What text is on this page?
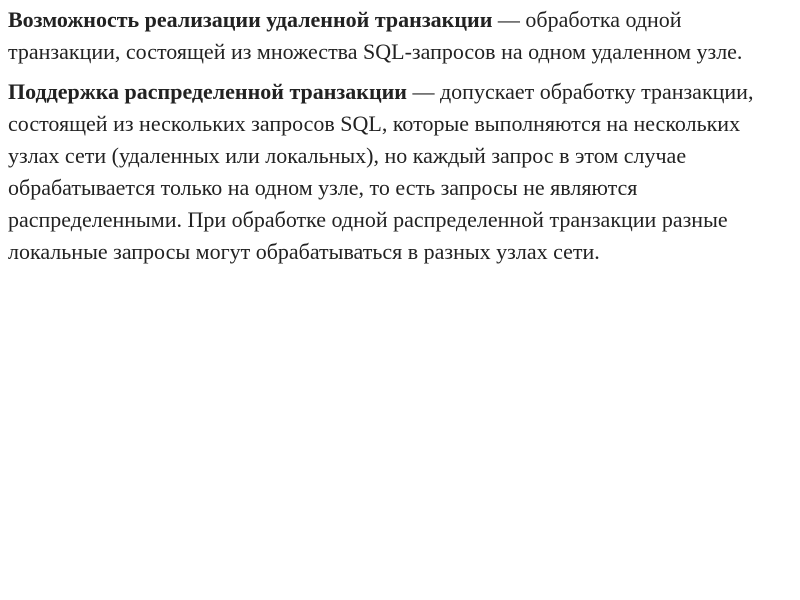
Возможность реализации удаленной транзакции — обработка одной транзакции, состоящей из множества SQL-запросов на одном удаленном узле.

Поддержка распределенной транзакции — допускает обработку транзакции, состоящей из нескольких запросов SQL, которые выполняются на нескольких узлах сети (удаленных или локальных), но каждый запрос в этом случае обрабатывается только на одном узле, то есть запросы не являются распределенными. При обработке одной распределенной транзакции разные локальные запросы могут обрабатываться в разных узлах сети.
